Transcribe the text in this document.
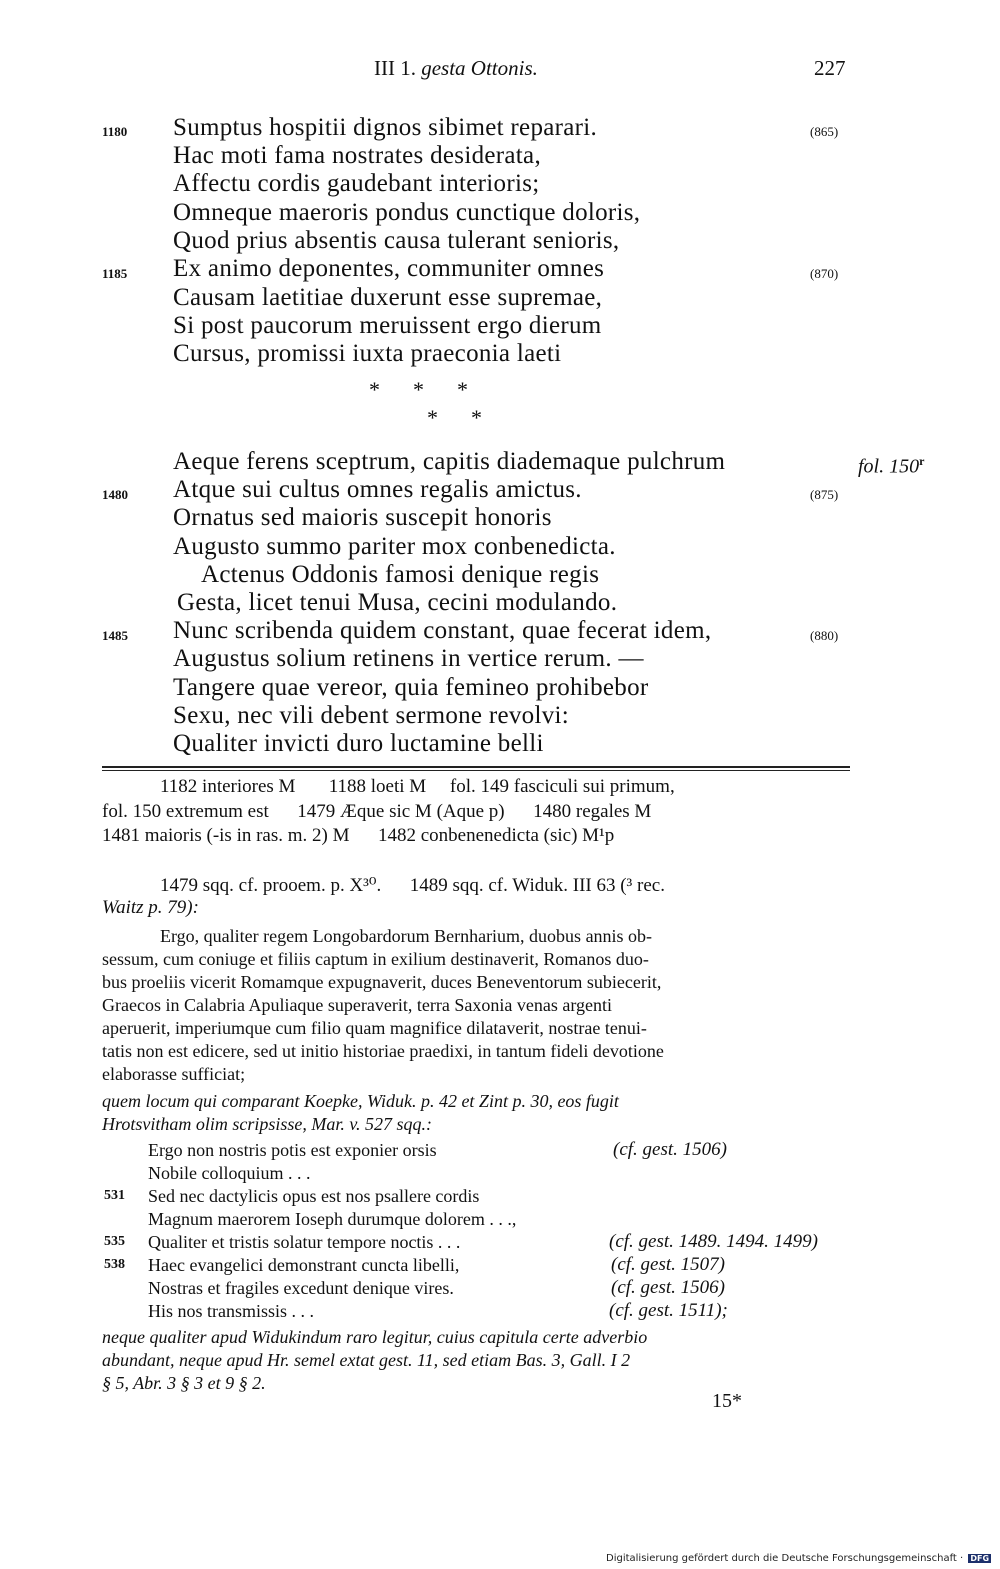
III 1. gesta Ottonis.	227
Sumptus hospitii dignos sibimet reparari.
1180	(865)
Hac moti fama nostrates desiderata,
Affectu cordis gaudebant interioris;
Omneque maeroris pondus cunctique doloris,
Quod prius absentis causa tulerant senioris,
Ex animo deponentes, communiter omnes
1185	(870)
Causam laetitiae duxerunt esse supremae,
Si post paucorum meruissent ergo dierum
Cursus, promissi iuxta praeconia laeti
*      *      *
*      *
Aeque ferens sceptrum, capitis diademaque pulchrum	fol. 150$^r$
Atque sui cultus omnes regalis amictus.
1480	(875)
Ornatus sed maioris suscepit honoris
Augusto summo pariter mox conbenedicta.
Actenus Oddonis famosi denique regis
Gesta, licet tenui Musa, cecini modulando.
Nunc scribenda quidem constant, quae fecerat idem,
1485	(880)
Augustus solium retinens in vertice rerum. —
Tangere quae vereor, quia femineo prohibebor
Sexu, nec vili debent sermone revolvi:
Qualiter invicti duro luctamine belli
1182 interiores M       1188 loeti M     fol. 149 fasciculi sui primum,
fol. 150 extremum est      1479 Æque sic M (Aque p)      1480 regales M
1481 maioris (-is in ras. m. 2) M      1482 conbenenedicta (sic) M¹p
1479 sqq. cf. prooem. p. X³⁰.      1489 sqq. cf. Widuk. III 63 (³ rec.
Waitz p. 79):
Ergo, qualiter regem Longobardorum Bernharium, duobus annis ob-
sessum, cum coniuge et filiis captum in exilium destinaverit, Romanos duo-
bus proeliis vicerit Romamque expugnaverit, duces Beneventorum subiecerit,
Graecos in Calabria Apuliaque superaverit, terra Saxonia venas argenti
aperuerit, imperiumque cum filio quam magnifice dilataverit, nostrae tenui-
tatis non est edicere, sed ut initio historiae praedixi, in tantum fideli devotione
elaborasse sufficiat;
quem locum qui comparant Koepke, Widuk. p. 42 et Zint p. 30, eos fugit
Hrotsvitham olim scripsisse, Mar. v. 527 sqq.:
Ergo non nostris potis est exponier orsis	(cf. gest. 1506)
Nobile colloquium . . .
531 Sed nec dactylicis opus est nos psallere cordis
Magnum maerorem Ioseph durumque dolorem . . .,
535 Qualiter et tristis solatur tempore noctis . . .	(cf. gest. 1489. 1494. 1499)
538 Haec evangelici demonstrant cuncta libelli,	(cf. gest. 1507)
Nostras et fragiles excedunt denique vires.	(cf. gest. 1506)
His nos transmissis . . .	(cf. gest. 1511);
neque qualiter apud Widukindum raro legitur, cuius capitula certe adverbio
abundant, neque apud Hr. semel extat gest. 11, sed etiam Bas. 3, Gall. I 2
§ 5, Abr. 3 § 3 et 9 § 2.
15*
Digitalisierung gefördert durch die Deutsche Forschungsgemeinschaft · DFG
